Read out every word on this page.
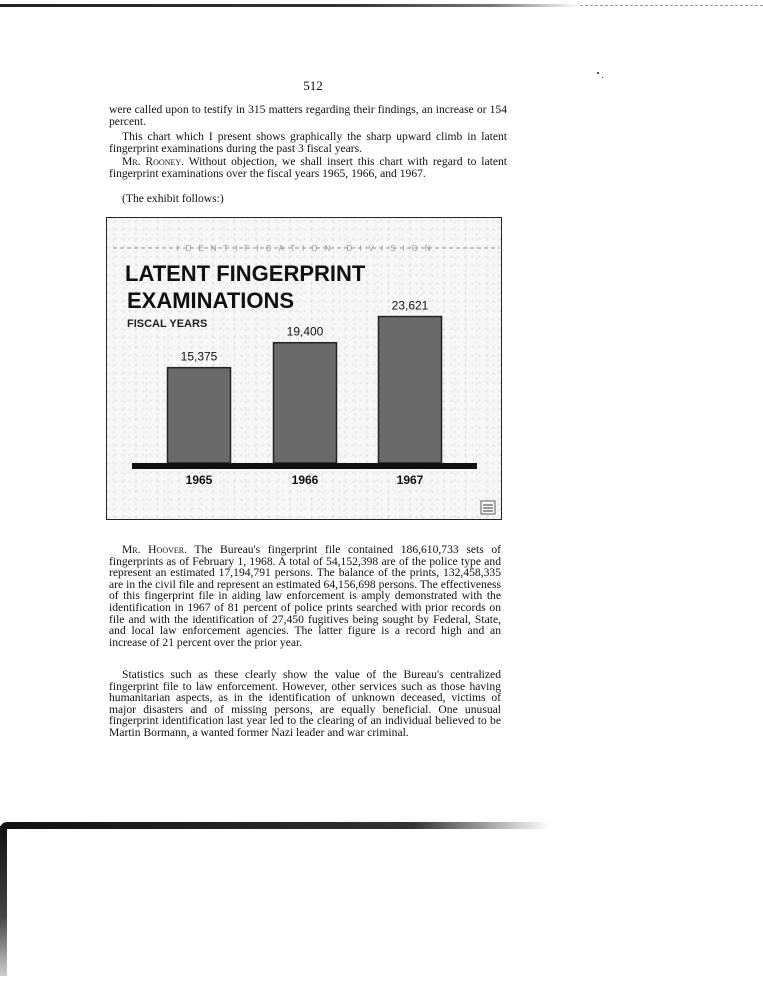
512

were called upon to testify in 315 matters regarding their findings, an increase or 154 percent.

This chart which I present shows graphically the sharp upward climb in latent fingerprint examinations during the past 3 fiscal years.

Mr. Rooney. Without objection, we shall insert this chart with regard to latent fingerprint examinations over the fiscal years 1965, 1966, and 1967.

(The exhibit follows:)

IDENTIFICATION DIVISION
LATENT FINGERPRINT
EXAMINATIONS
FISCAL YEARS
15,375
19,400
23,621
1965	1966	1967

Mr. Hoover. The Bureau's fingerprint file contained 186,610,733 sets of fingerprints as of February 1, 1968. A total of 54,152,398 are of the police type and represent an estimated 17,194,791 persons. The balance of the prints, 132,458,335 are in the civil file and represent an estimated 64,156,698 persons. The effectiveness of this fingerprint file in aiding law enforcement is amply demonstrated with the identification in 1967 of 81 percent of police prints searched with prior records on file and with the identification of 27,450 fugitives being sought by Federal, State, and local law enforcement agencies. The latter figure is a record high and an increase of 21 percent over the prior year.

Statistics such as these clearly show the value of the Bureau's centralized fingerprint file to law enforcement. However, other services such as those having humanitarian aspects, as in the identification of unknown deceased, victims of major disasters and of missing persons, are equally beneficial. One unusual fingerprint identification last year led to the clearing of an individual believed to be Martin Bormann, a wanted former Nazi leader and war criminal.
